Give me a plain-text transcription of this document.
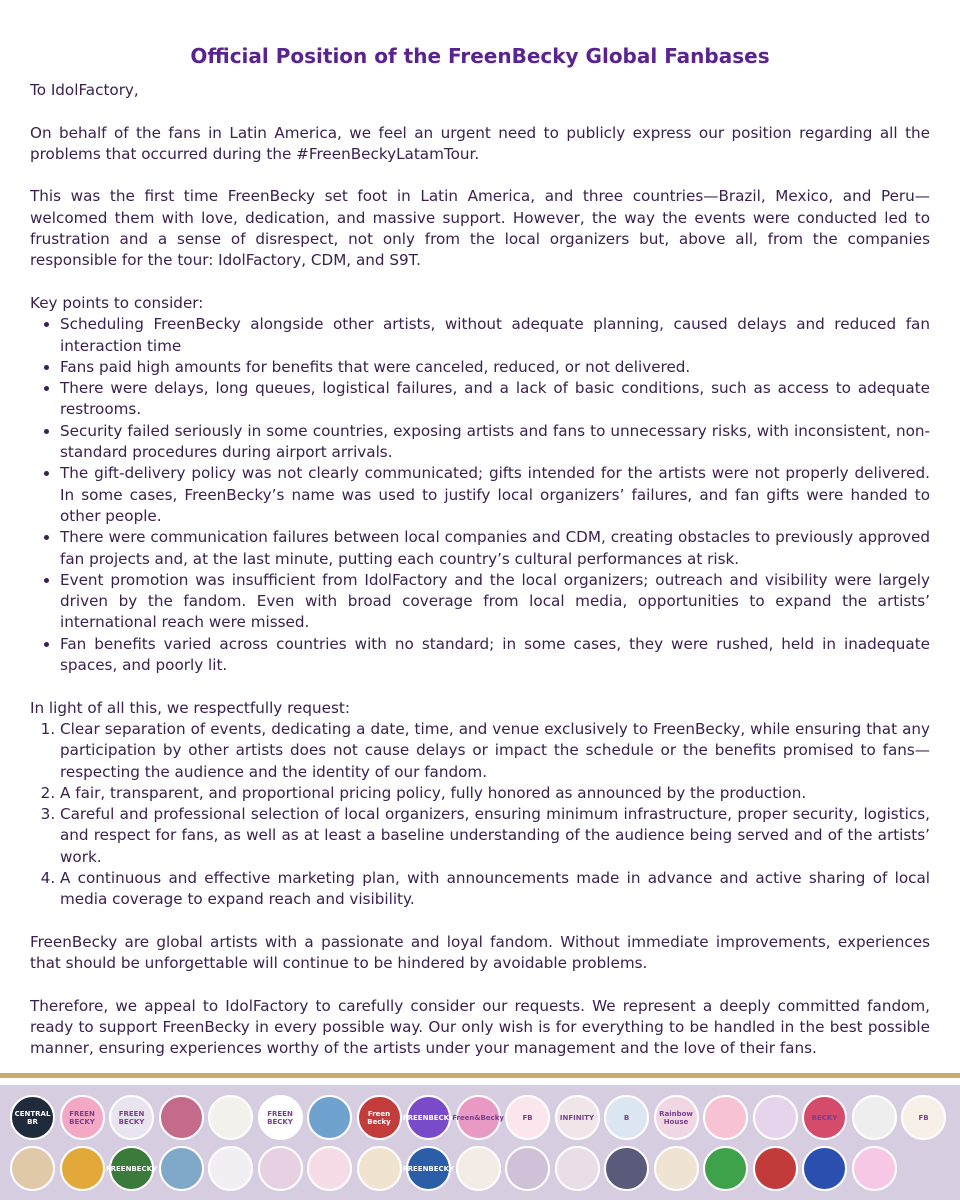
Official Position of the FreenBecky Global Fanbases

To IdolFactory,

On behalf of the fans in Latin America, we feel an urgent need to publicly express our position regarding all the problems that occurred during the #FreenBeckyLatamTour.

This was the first time FreenBecky set foot in Latin America, and three countries—Brazil, Mexico, and Peru—welcomed them with love, dedication, and massive support. However, the way the events were conducted led to frustration and a sense of disrespect, not only from the local organizers but, above all, from the companies responsible for the tour: IdolFactory, CDM, and S9T.

Key points to consider:
• Scheduling FreenBecky alongside other artists, without adequate planning, caused delays and reduced fan interaction time
• Fans paid high amounts for benefits that were canceled, reduced, or not delivered.
• There were delays, long queues, logistical failures, and a lack of basic conditions, such as access to adequate restrooms.
• Security failed seriously in some countries, exposing artists and fans to unnecessary risks, with inconsistent, non-standard procedures during airport arrivals.
• The gift-delivery policy was not clearly communicated; gifts intended for the artists were not properly delivered. In some cases, FreenBecky’s name was used to justify local organizers’ failures, and fan gifts were handed to other people.
• There were communication failures between local companies and CDM, creating obstacles to previously approved fan projects and, at the last minute, putting each country’s cultural performances at risk.
• Event promotion was insufficient from IdolFactory and the local organizers; outreach and visibility were largely driven by the fandom. Even with broad coverage from local media, opportunities to expand the artists’ international reach were missed.
• Fan benefits varied across countries with no standard; in some cases, they were rushed, held in inadequate spaces, and poorly lit.
In light of all this, we respectfully request:
1. Clear separation of events, dedicating a date, time, and venue exclusively to FreenBecky, while ensuring that any participation by other artists does not cause delays or impact the schedule or the benefits promised to fans—respecting the audience and the identity of our fandom.
2. A fair, transparent, and proportional pricing policy, fully honored as announced by the production.
3. Careful and professional selection of local organizers, ensuring minimum infrastructure, proper security, logistics, and respect for fans, as well as at least a baseline understanding of the audience being served and of the artists’ work.
4. A continuous and effective marketing plan, with announcements made in advance and active sharing of local media coverage to expand reach and visibility.

FreenBecky are global artists with a passionate and loyal fandom. Without immediate improvements, experiences that should be unforgettable will continue to be hindered by avoidable problems.

Therefore, we appeal to IdolFactory to carefully consider our requests. We represent a deeply committed fandom, ready to support FreenBecky in every possible way. Our only wish is for everything to be handled in the best possible manner, ensuring experiences worthy of the artists under your management and the love of their fans.

CENTRAL BR
FREEN BECKY
FREEN BECKY
FREEN BECKY
Freen Becky	FREENBECKY
Freen&Becky	FB	INFINITY	B	Rainbow House	BECKY	FB
FREENBECKY	FREENBECKY
